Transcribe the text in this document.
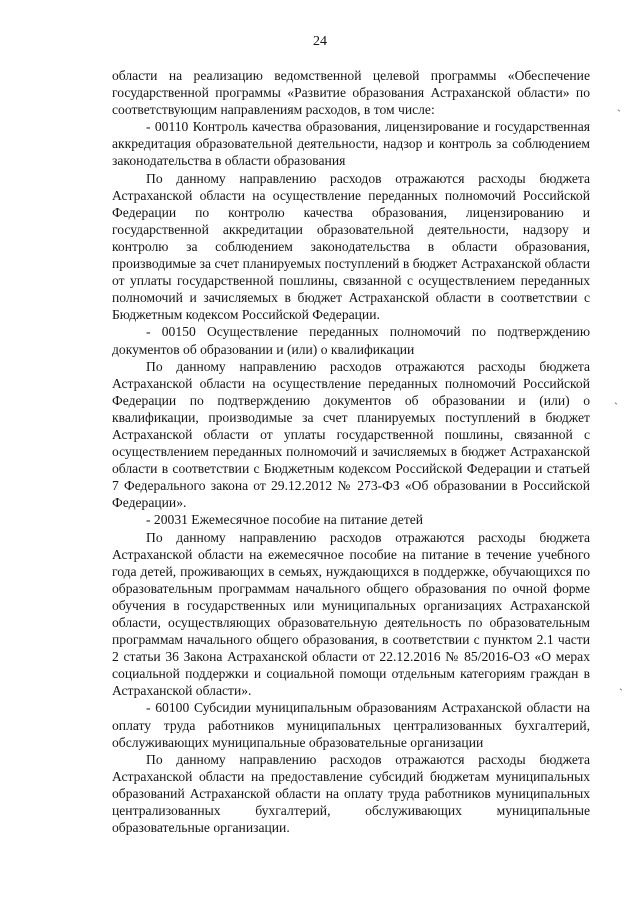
24

области на реализацию ведомственной целевой программы «Обеспечение государственной программы «Развитие образования Астраханской области» по соответствующим направлениям расходов, в том числе:

- 00110 Контроль качества образования, лицензирование и государственная аккредитация образовательной деятельности, надзор и контроль за соблюдением законодательства в области образования

По данному направлению расходов отражаются расходы бюджета Астраханской области на осуществление переданных полномочий Российской Федерации по контролю качества образования, лицензированию и государственной аккредитации образовательной деятельности, надзору и контролю за соблюдением законодательства в области образования, производимые за счет планируемых поступлений в бюджет Астраханской области от уплаты государственной пошлины, связанной с осуществлением переданных полномочий и зачисляемых в бюджет Астраханской области в соответствии с Бюджетным кодексом Российской Федерации.

- 00150 Осуществление переданных полномочий по подтверждению документов об образовании и (или) о квалификации

По данному направлению расходов отражаются расходы бюджета Астраханской области на осуществление переданных полномочий Российской Федерации по подтверждению документов об образовании и (или) о квалификации, производимые за счет планируемых поступлений в бюджет Астраханской области от уплаты государственной пошлины, связанной с осуществлением переданных полномочий и зачисляемых в бюджет Астраханской области в соответствии с Бюджетным кодексом Российской Федерации и статьей 7 Федерального закона от 29.12.2012 № 273-ФЗ «Об образовании в Российской Федерации».

- 20031 Ежемесячное пособие на питание детей

По данному направлению расходов отражаются расходы бюджета Астраханской области на ежемесячное пособие на питание в течение учебного года детей, проживающих в семьях, нуждающихся в поддержке, обучающихся по образовательным программам начального общего образования по очной форме обучения в государственных или муниципальных организациях Астраханской области, осуществляющих образовательную деятельность по образовательным программам начального общего образования, в соответствии с пунктом 2.1 части 2 статьи 36 Закона Астраханской области от 22.12.2016 № 85/2016-ОЗ «О мерах социальной поддержки и социальной помощи отдельным категориям граждан в Астраханской области».

- 60100 Субсидии муниципальным образованиям Астраханской области на оплату труда работников муниципальных централизованных бухгалтерий, обслуживающих муниципальные образовательные организации

По данному направлению расходов отражаются расходы бюджета Астраханской области на предоставление субсидий бюджетам муниципальных образований Астраханской области на оплату труда работников муниципальных централизованных бухгалтерий, обслуживающих муниципальные образовательные организации.

ˏ
ˏ
ˏ
